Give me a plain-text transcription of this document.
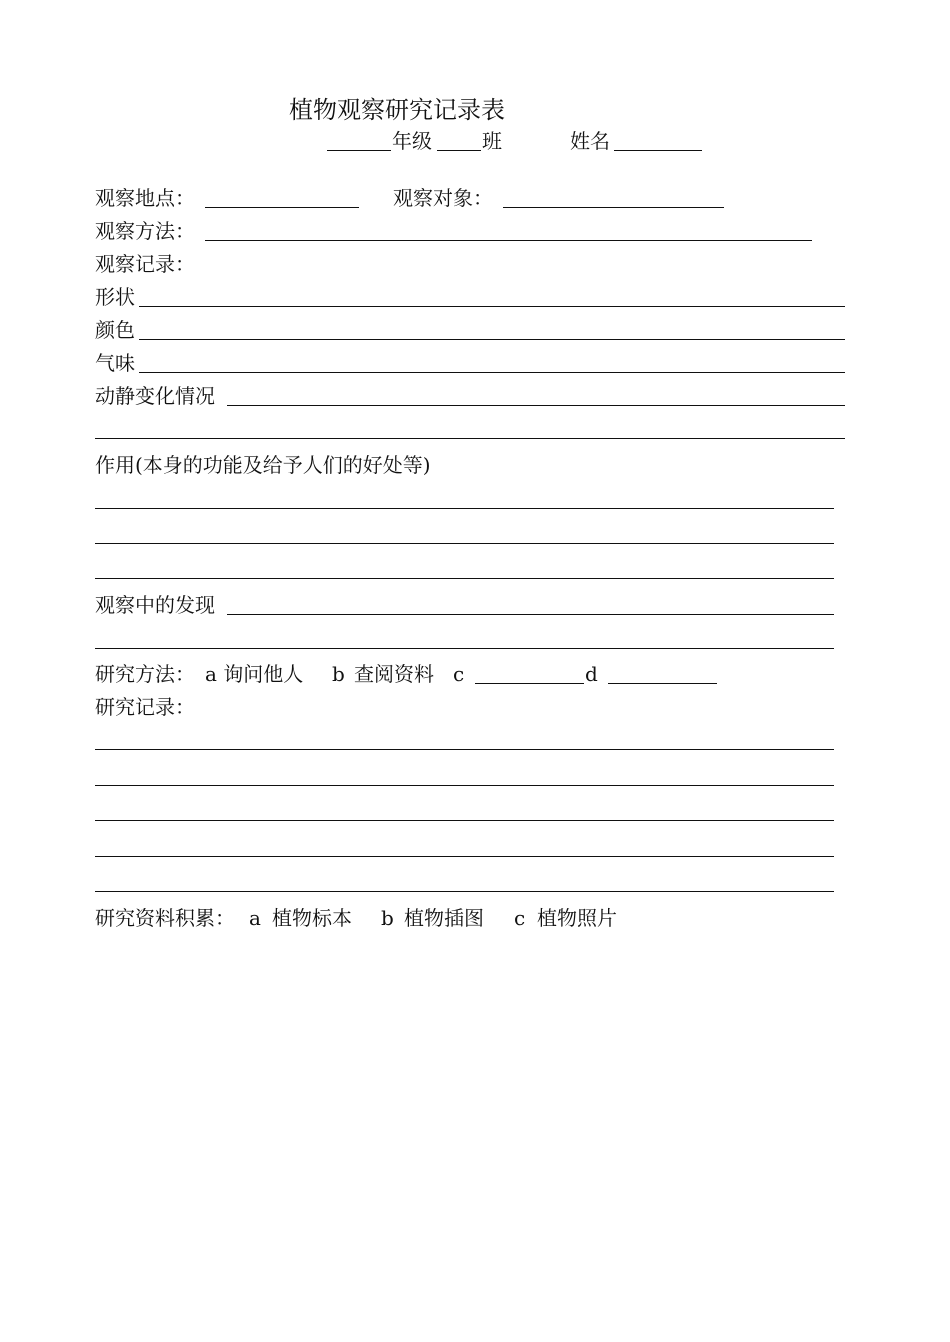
植物观察研究记录表
年级	班	姓名
观察地点：	观察对象：
观察方法：
观察记录：
形状
颜色
气味
动静变化情况
作用(本身的功能及给予人们的好处等)
观察中的发现
研究方法： a 询问他人 b 查阅资料 c	d
研究记录：
研究资料积累： a 植物标本 b 植物插图 c 植物照片
